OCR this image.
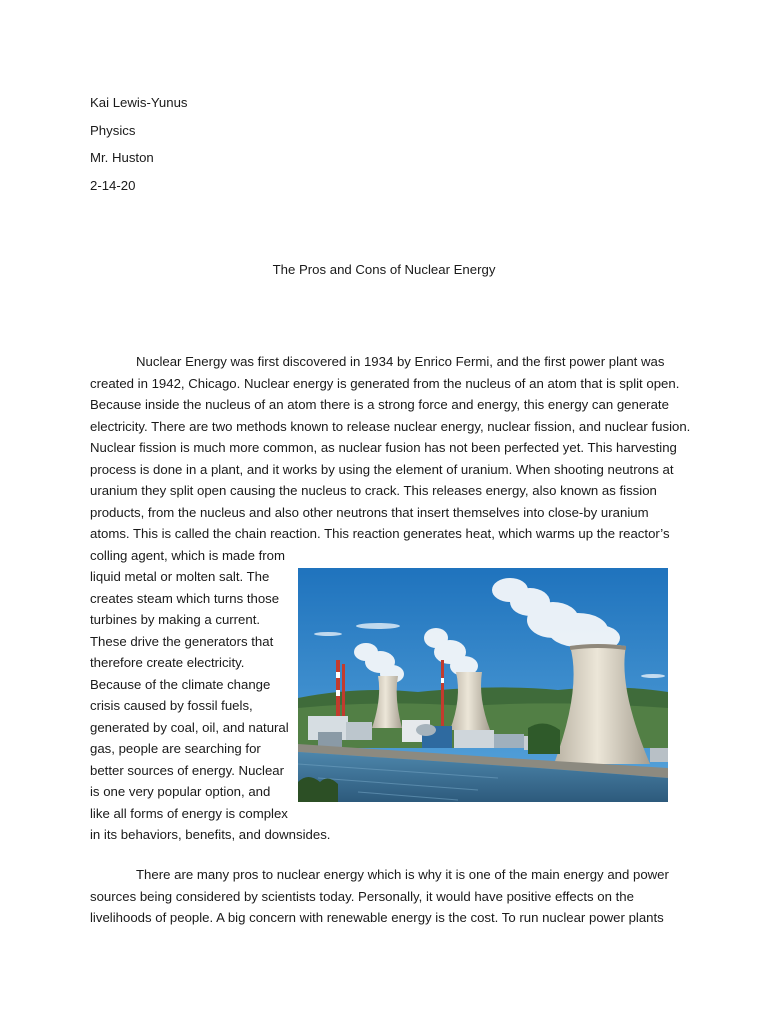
Kai Lewis-Yunus
Physics
Mr. Huston
2-14-20
The Pros and Cons of Nuclear Energy
Nuclear Energy was first discovered in 1934 by Enrico Fermi, and the first power plant was
created in 1942, Chicago. Nuclear energy is generated from the nucleus of an atom that is split open.
Because inside the nucleus of an atom there is a strong force and energy, this energy can generate
electricity. There are two methods known to release nuclear energy, nuclear fission, and nuclear fusion.
Nuclear fission is much more common, as nuclear fusion has not been perfected yet. This harvesting
process is done in a plant, and it works by using the element of uranium. When shooting neutrons at
uranium they split open causing the nucleus to crack. This releases energy, also known as fission
products, from the nucleus and also other neutrons that insert themselves into close-by uranium
atoms. This is called the chain reaction. This reaction generates heat, which warms up the reactor’s
colling agent, which is made from
liquid metal or molten salt. The
creates steam which turns those
turbines by making a current.
These drive the generators that
therefore create electricity.
Because of the climate change
crisis caused by fossil fuels,
generated by coal, oil, and natural
gas, people are searching for
better sources of energy. Nuclear
is one very popular option, and
like all forms of energy is complex
in its behaviors, benefits, and downsides.
There are many pros to nuclear energy which is why it is one of the main energy and power
sources being considered by scientists today. Personally, it would have positive effects on the
livelihoods of people. A big concern with renewable energy is the cost. To run nuclear power plants
